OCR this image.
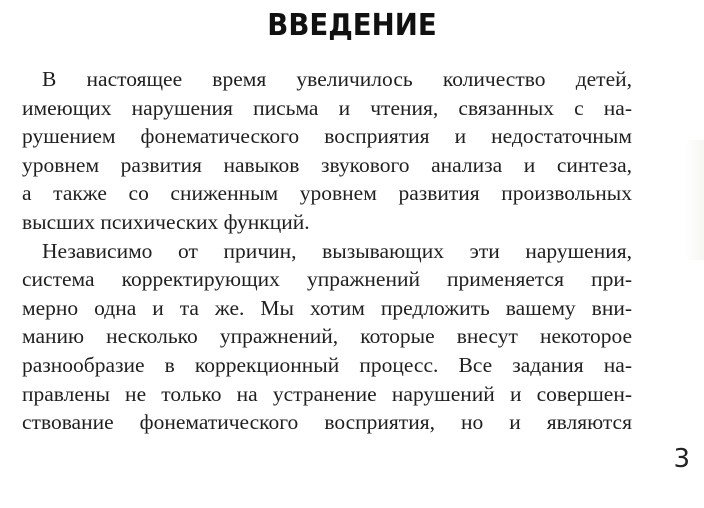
ВВЕДЕНИЕ
В настоящее время увеличилось количество детей,
имеющих нарушения письма и чтения, связанных с на-
рушением фонематического восприятия и недостаточным
уровнем развития навыков звукового анализа и синтеза,
а также со сниженным уровнем развития произвольных
высших психических функций.
Независимо от причин, вызывающих эти нарушения,
система корректирующих упражнений применяется при-
мерно одна и та же. Мы хотим предложить вашему вни-
манию несколько упражнений, которые внесут некоторое
разнообразие в коррекционный процесс. Все задания на-
правлены не только на устранение нарушений и совершен-
ствование фонематического восприятия, но и являются
3
